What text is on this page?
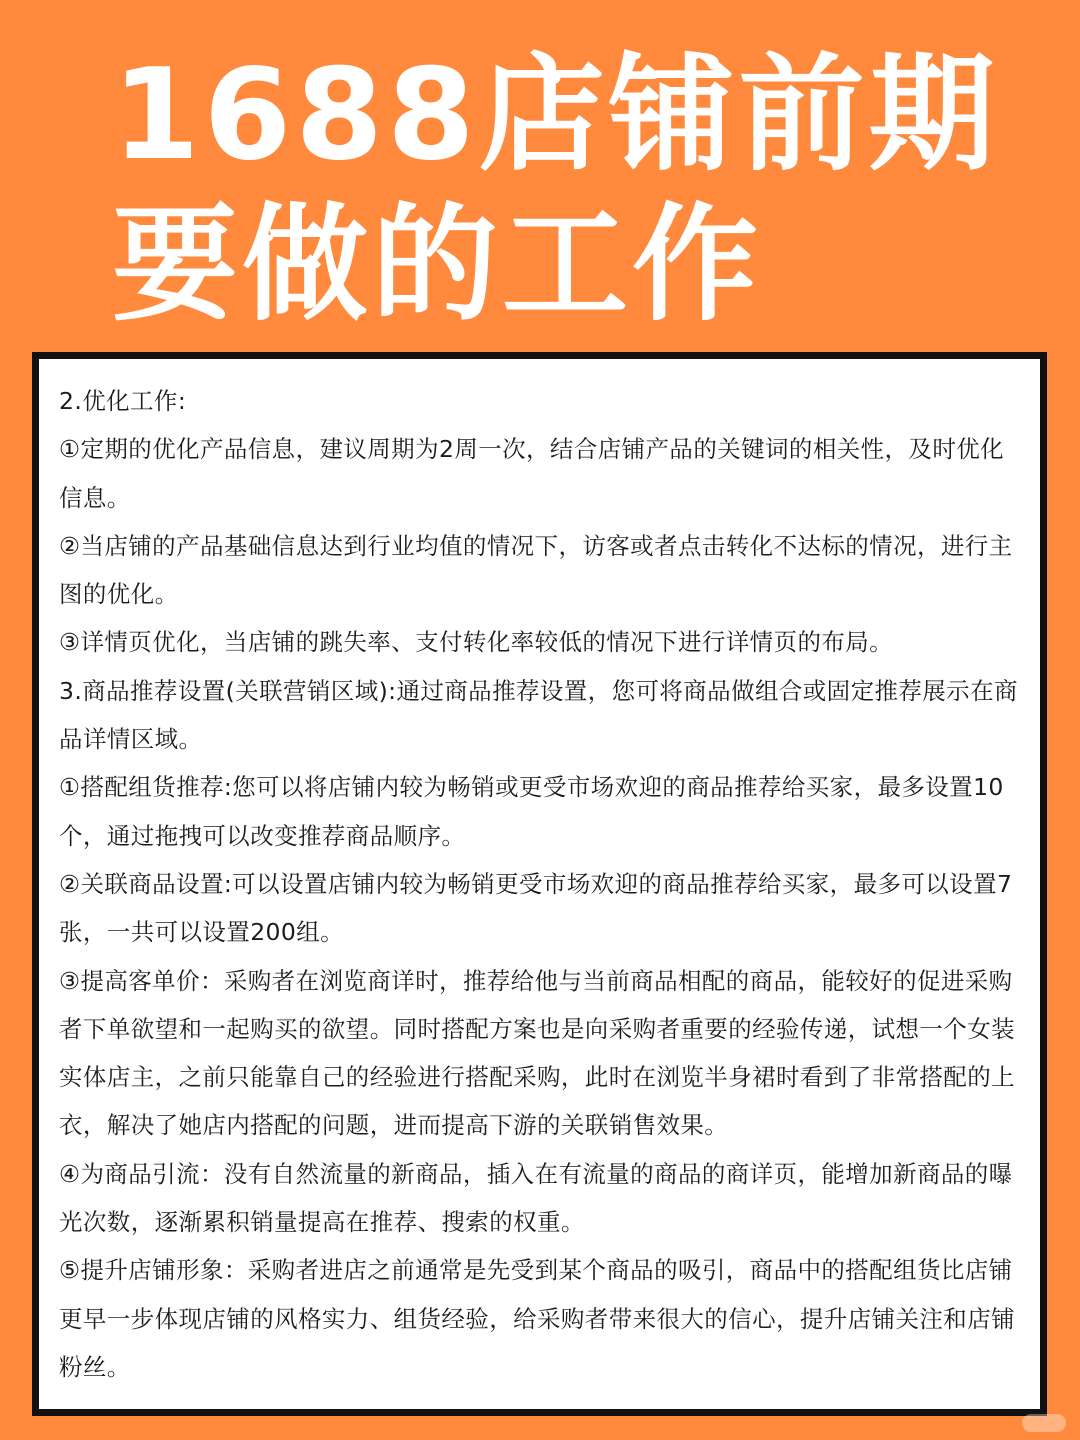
1688店铺前期
要做的工作

2.优化工作:

①定期的优化产品信息，建议周期为2周一次，结合店铺产品的关键词的相关性，及时优化信息。

②当店铺的产品基础信息达到行业均值的情况下，访客或者点击转化不达标的情况，进行主图的优化。

③详情页优化，当店铺的跳失率、支付转化率较低的情况下进行详情页的布局。

3.商品推荐设置(关联营销区域):通过商品推荐设置，您可将商品做组合或固定推荐展示在商品详情区域。

①搭配组货推荐:您可以将店铺内较为畅销或更受市场欢迎的商品推荐给买家，最多设置10个，通过拖拽可以改变推荐商品顺序。

②关联商品设置:可以设置店铺内较为畅销更受市场欢迎的商品推荐给买家，最多可以设置7张，一共可以设置200组。

③提高客单价：采购者在浏览商详时，推荐给他与当前商品相配的商品，能较好的促进采购者下单欲望和一起购买的欲望。同时搭配方案也是向采购者重要的经验传递，试想一个女装实体店主，之前只能靠自己的经验进行搭配采购，此时在浏览半身裙时看到了非常搭配的上衣，解决了她店内搭配的问题，进而提高下游的关联销售效果。

④为商品引流：没有自然流量的新商品，插入在有流量的商品的商详页，能增加新商品的曝光次数，逐渐累积销量提高在推荐、搜索的权重。

⑤提升店铺形象：采购者进店之前通常是先受到某个商品的吸引，商品中的搭配组货比店铺更早一步体现店铺的风格实力、组货经验，给采购者带来很大的信心，提升店铺关注和店铺粉丝。
